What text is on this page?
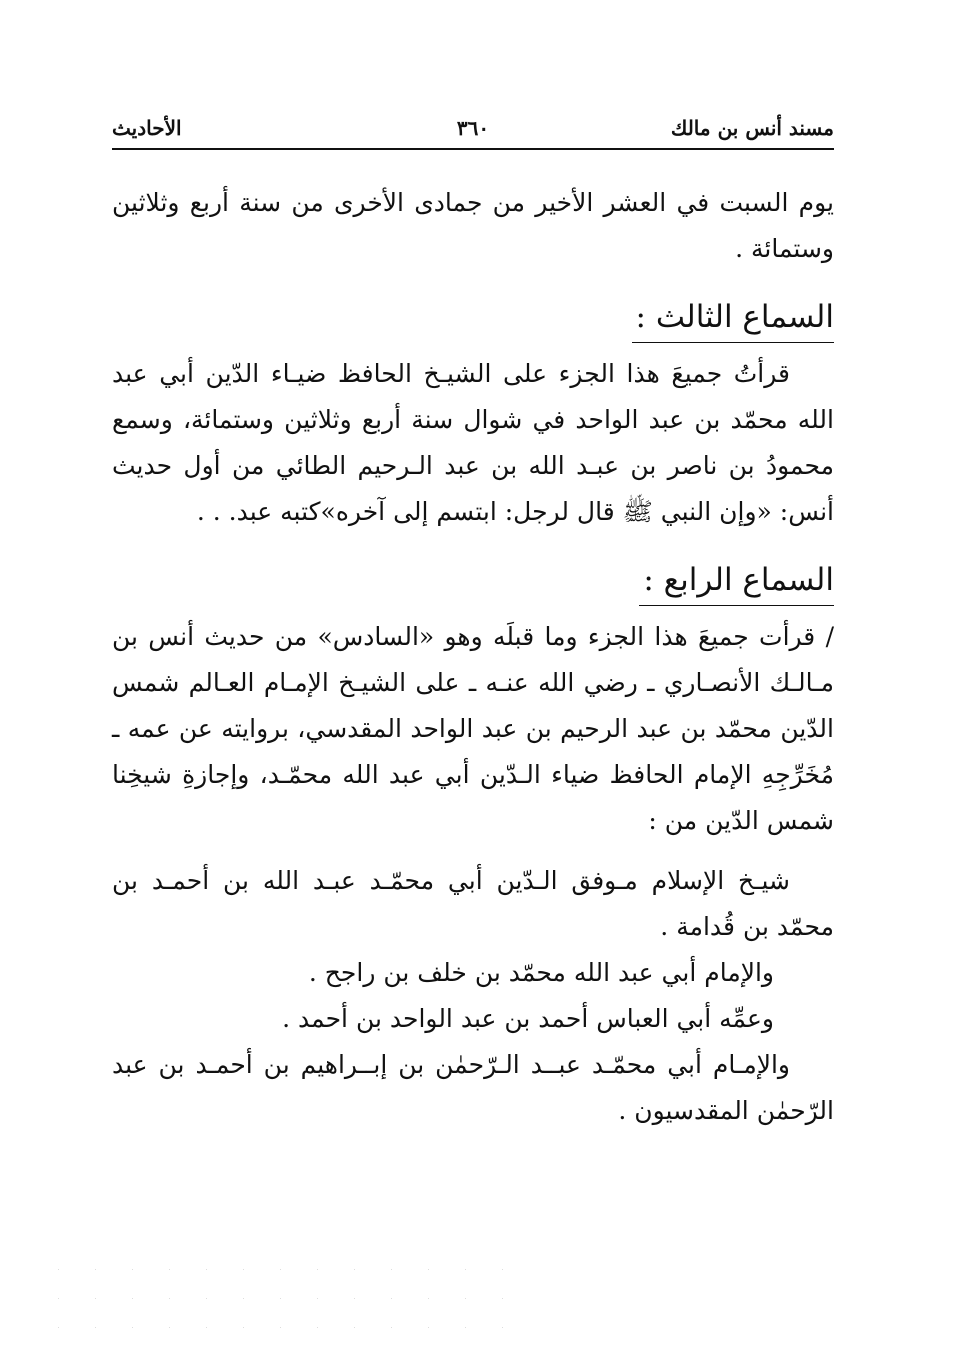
مسند أنس بن مالك
٣٦٠
الأحاديث

يوم السبت في العشر الأخير من جمادى الأخرى من سنة أربع وثلاثين وستمائة .

السماع الثالث :

قرأتُ جميعَ هذا الجزء على الشيـخ الحافظ ضيـاء الدّين أبي عبد الله محمّد بن عبد الواحد في شوال سنة أربع وثلاثين وستمائة، وسمع محمودُ بن ناصر بن عبـد الله بن عبد الـرحيم الطائي من أول حديث أنس: «وإن النبي ﷺ قال لرجل: ابتسم إلى آخره»كتبه عبد. . .

السماع الرابع :

/ قرأت جميعَ هذا الجزء وما قبلَه وهو «السادس» من حديث أنس بن مـالـك الأنصـاري ـ رضي الله عنـه ـ على الشيـخ الإمـام العـالم شمس الدّين محمّد بن عبد الرحيم بن عبد الواحد المقدسي، بروايته عن عمه ـ مُخَرِّجِهِ الإمام الحافظ ضياء الـدّين أبي عبد الله محمّـد، وإجازةِ شيخِنا شمس الدّين من :

شيـخ الإسلام مـوفق الـدّين أبي محمّـد عبـد الله بن أحمـد بن محمّد بن قُدامة .

والإمام أبي عبد الله محمّد بن خلف بن راجح .

وعمِّه أبي العباس أحمد بن عبد الواحد بن أحمد .

والإمـام أبي محمّـد عبــد الـرّحمٰن بن إبــراهيم بن أحمـد بن عبد الرّحمٰن المقدسيون .
